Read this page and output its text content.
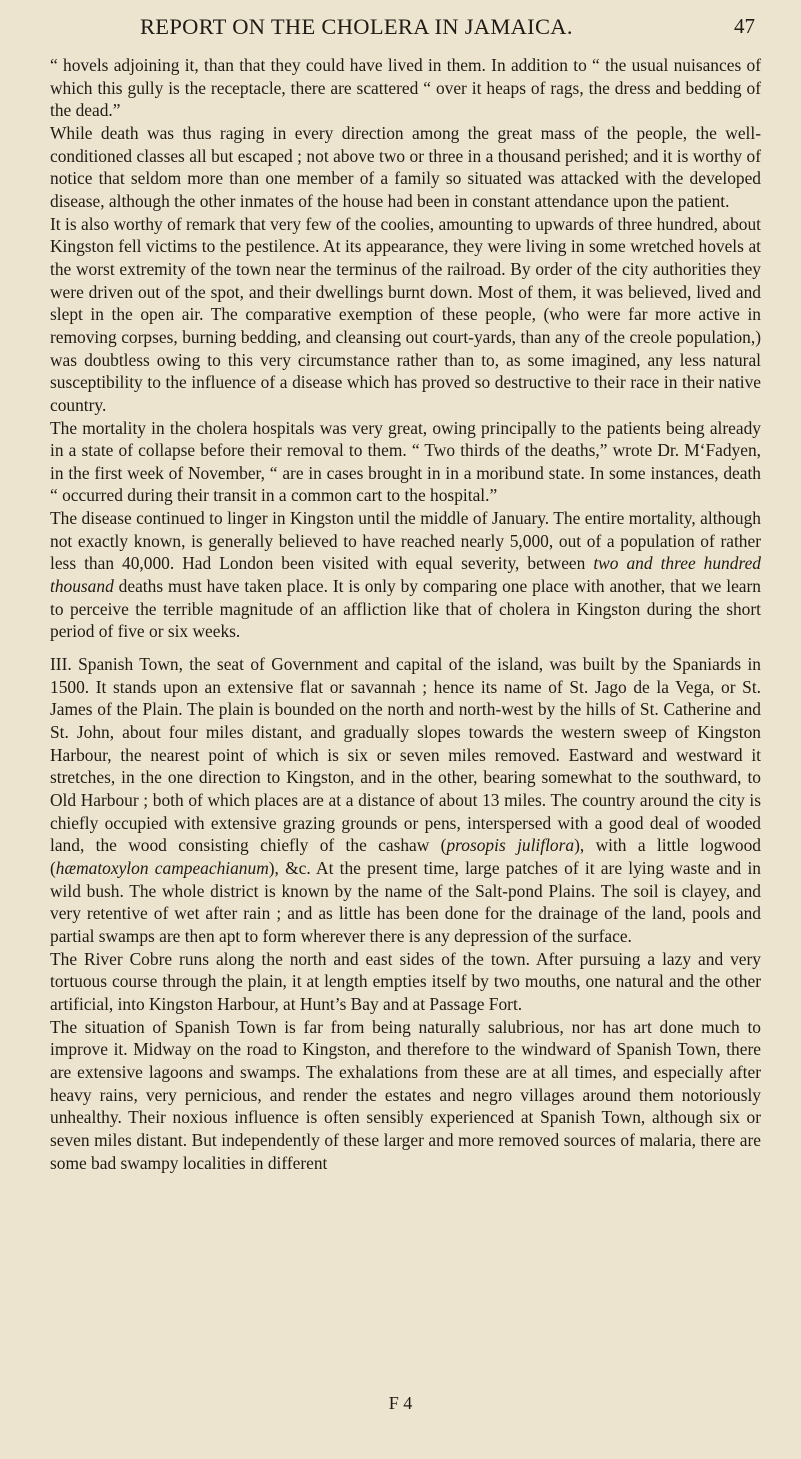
REPORT ON THE CHOLERA IN JAMAICA.	47

“ hovels adjoining it, than that they could have lived in them. In addition to “ the usual nuisances of which this gully is the receptacle, there are scattered “ over it heaps of rags, the dress and bedding of the dead.”

While death was thus raging in every direction among the great mass of the people, the well-conditioned classes all but escaped ; not above two or three in a thousand perished; and it is worthy of notice that seldom more than one member of a family so situated was attacked with the developed disease, although the other inmates of the house had been in constant attendance upon the patient.

It is also worthy of remark that very few of the coolies, amounting to upwards of three hundred, about Kingston fell victims to the pestilence. At its appearance, they were living in some wretched hovels at the worst extremity of the town near the terminus of the railroad. By order of the city authorities they were driven out of the spot, and their dwellings burnt down. Most of them, it was believed, lived and slept in the open air. The comparative exemption of these people, (who were far more active in removing corpses, burning bedding, and cleansing out court-yards, than any of the creole population,) was doubtless owing to this very circumstance rather than to, as some imagined, any less natural susceptibility to the influence of a disease which has proved so destructive to their race in their native country.

The mortality in the cholera hospitals was very great, owing principally to the patients being already in a state of collapse before their removal to them. “ Two thirds of the deaths,” wrote Dr. M‘Fadyen, in the first week of November, “ are in cases brought in in a moribund state. In some instances, death “ occurred during their transit in a common cart to the hospital.”

The disease continued to linger in Kingston until the middle of January. The entire mortality, although not exactly known, is generally believed to have reached nearly 5,000, out of a population of rather less than 40,000. Had London been visited with equal severity, between two and three hundred thousand deaths must have taken place. It is only by comparing one place with another, that we learn to perceive the terrible magnitude of an affliction like that of cholera in Kingston during the short period of five or six weeks.

III. Spanish Town, the seat of Government and capital of the island, was built by the Spaniards in 1500. It stands upon an extensive flat or savannah ; hence its name of St. Jago de la Vega, or St. James of the Plain. The plain is bounded on the north and north-west by the hills of St. Catherine and St. John, about four miles distant, and gradually slopes towards the western sweep of Kingston Harbour, the nearest point of which is six or seven miles removed. Eastward and westward it stretches, in the one direction to Kingston, and in the other, bearing somewhat to the southward, to Old Harbour ; both of which places are at a distance of about 13 miles. The country around the city is chiefly occupied with extensive grazing grounds or pens, interspersed with a good deal of wooded land, the wood consisting chiefly of the cashaw (prosopis juliflora), with a little logwood (hæmatoxylon campeachianum), &c. At the present time, large patches of it are lying waste and in wild bush. The whole district is known by the name of the Salt-pond Plains. The soil is clayey, and very retentive of wet after rain ; and as little has been done for the drainage of the land, pools and partial swamps are then apt to form wherever there is any depression of the surface.

The River Cobre runs along the north and east sides of the town. After pursuing a lazy and very tortuous course through the plain, it at length empties itself by two mouths, one natural and the other artificial, into Kingston Harbour, at Hunt’s Bay and at Passage Fort.

The situation of Spanish Town is far from being naturally salubrious, nor has art done much to improve it. Midway on the road to Kingston, and therefore to the windward of Spanish Town, there are extensive lagoons and swamps. The exhalations from these are at all times, and especially after heavy rains, very pernicious, and render the estates and negro villages around them notoriously unhealthy. Their noxious influence is often sensibly experienced at Spanish Town, although six or seven miles distant. But independently of these larger and more removed sources of malaria, there are some bad swampy localities in different

F 4
